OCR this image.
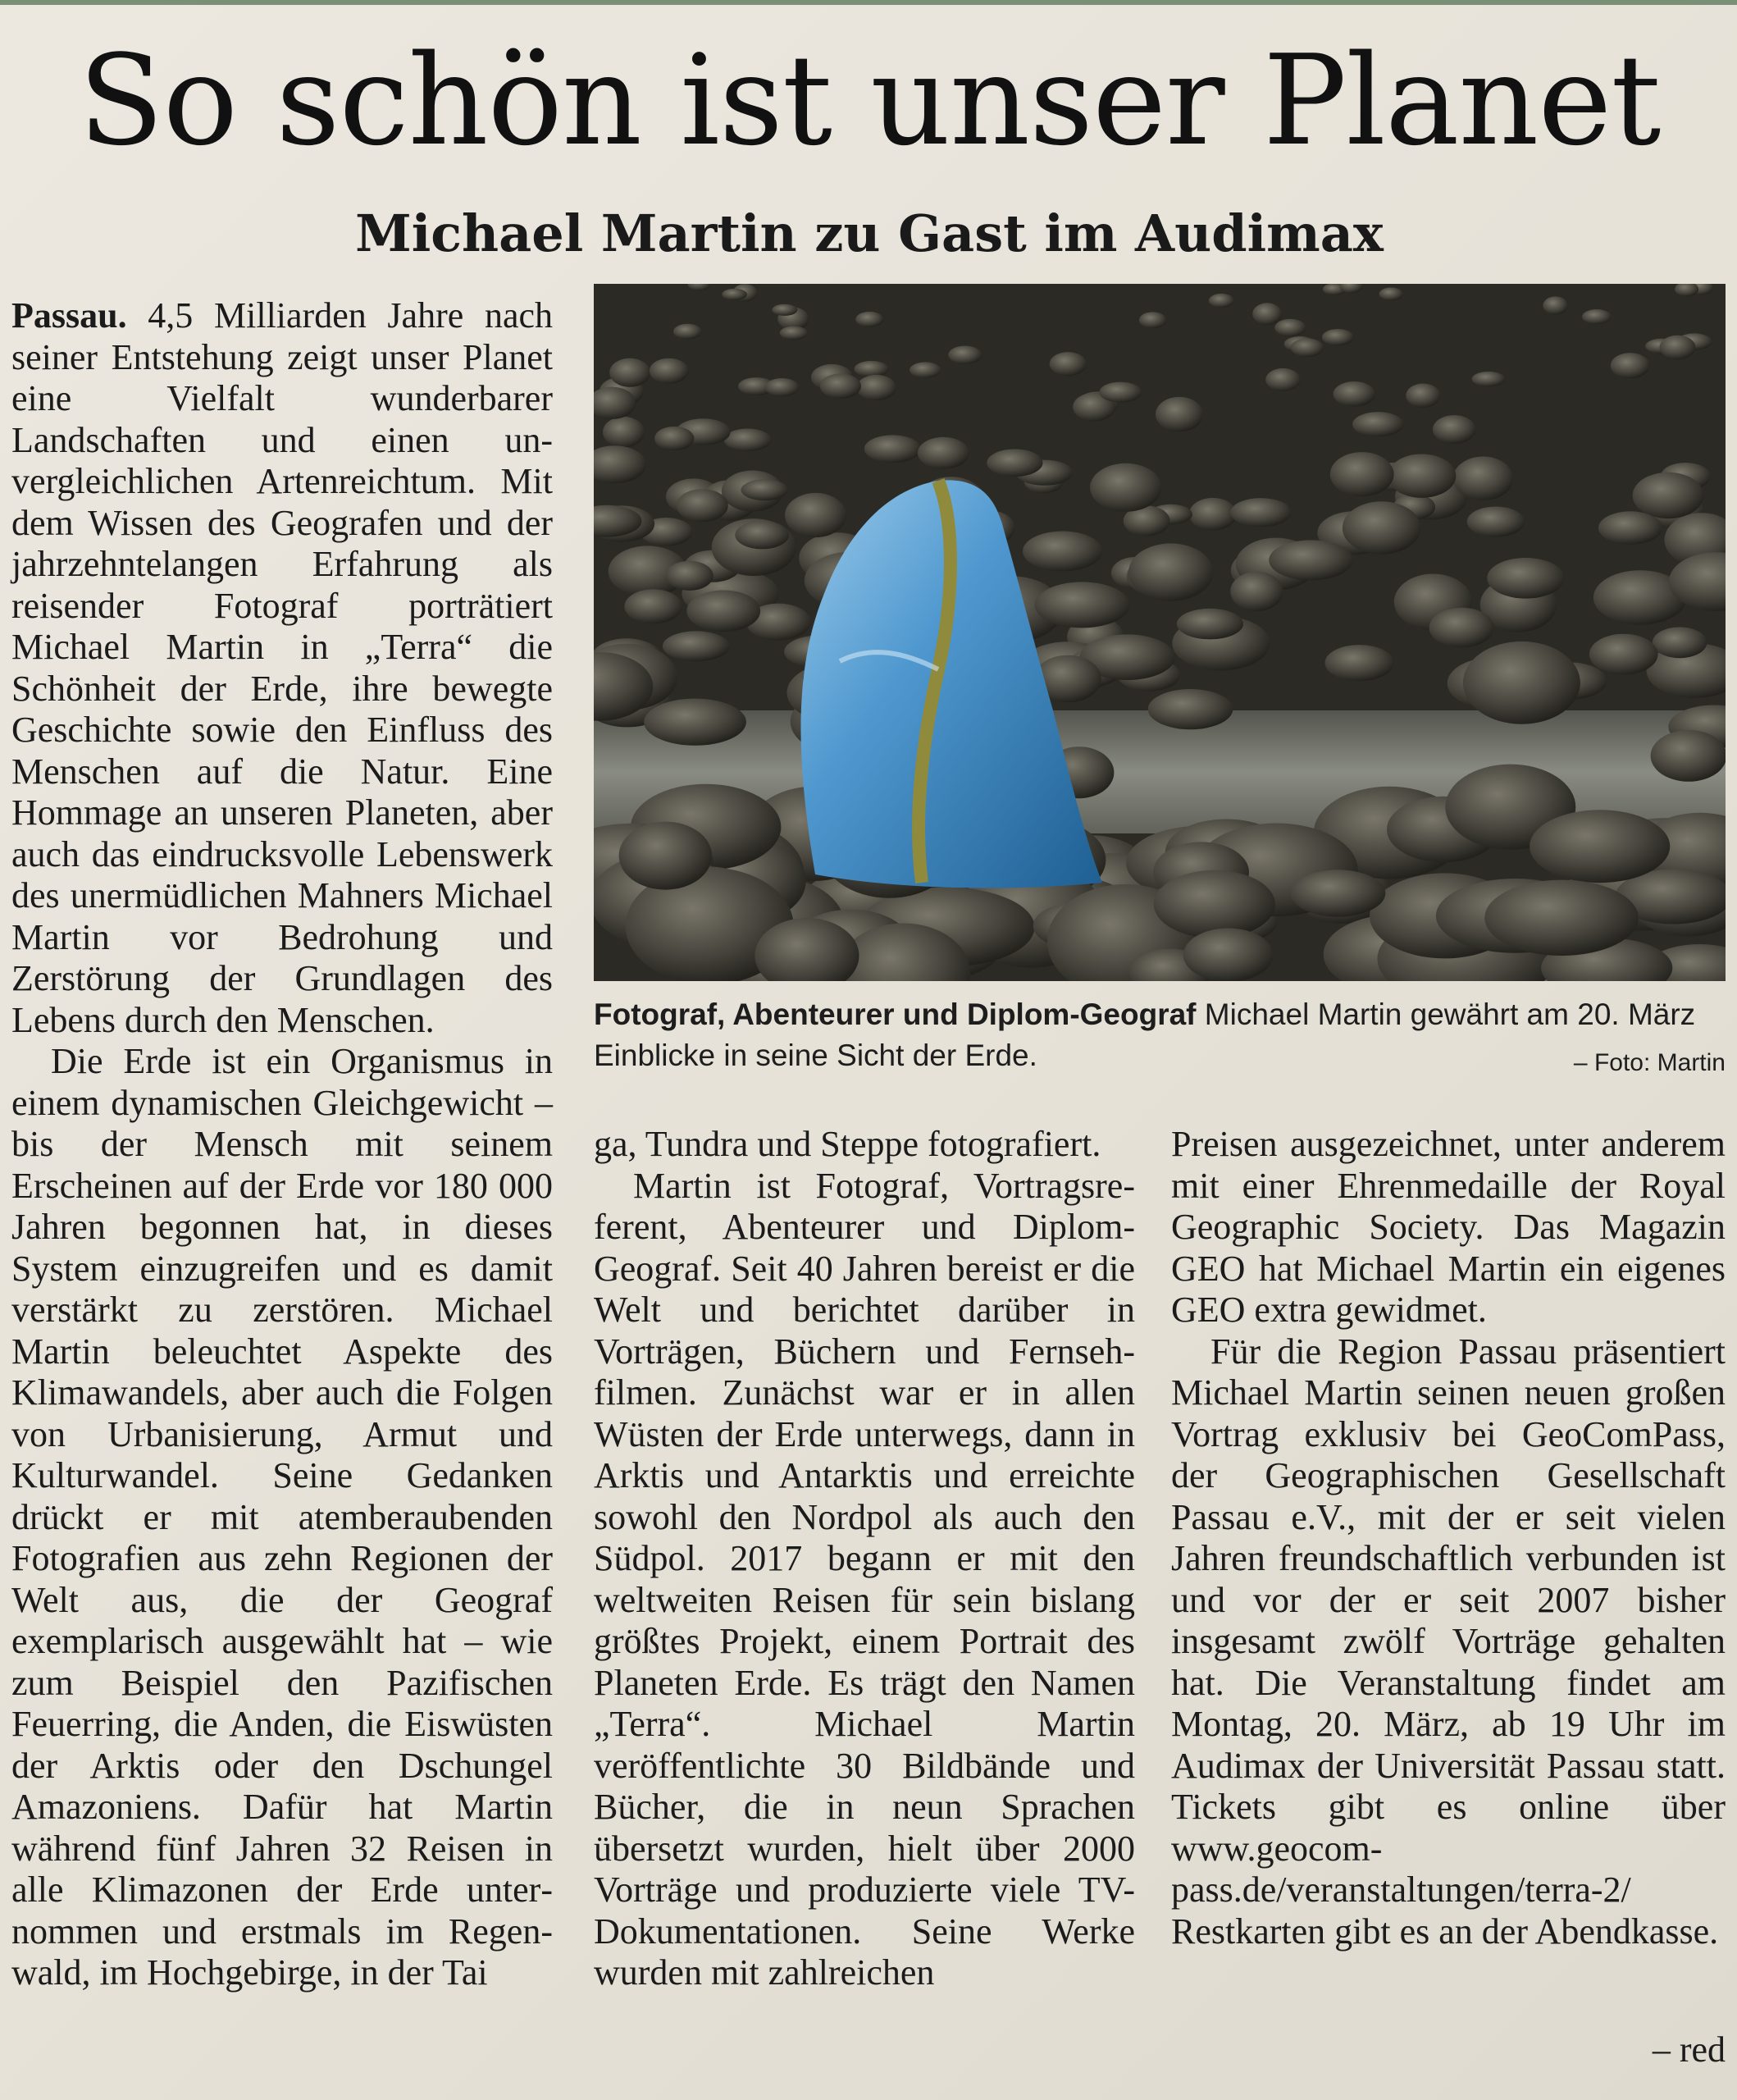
So schön ist unser Planet
Michael Martin zu Gast im Audimax

Passau. 4,5 Milliarden Jahre nach seiner Entstehung zeigt unser Planet eine Vielfalt wunderbarer Landschaften und einen unvergleichlichen Artenreichtum. Mit dem Wissen des Geografen und der jahrzehntelangen Erfahrung als reisender Fotograf porträtiert Michael Martin in „Terra“ die Schönheit der Erde, ihre bewegte Geschichte sowie den Einfluss des Menschen auf die Natur. Eine Hommage an unseren Planeten, aber auch das eindrucksvolle Lebenswerk des unermüdlichen Mahners Michael Martin vor Bedrohung und Zerstörung der Grundlagen des Lebens durch den Menschen.

Die Erde ist ein Organismus in einem dynamischen Gleichgewicht – bis der Mensch mit seinem Erscheinen auf der Erde vor 180 000 Jahren begonnen hat, in dieses System einzugreifen und es damit verstärkt zu zerstören. Michael Martin beleuchtet Aspekte des Klimawandels, aber auch die Folgen von Urbanisierung, Armut und Kulturwandel. Seine Gedanken drückt er mit atemberaubenden Fotografien aus zehn Regionen der Welt aus, die der Geograf exemplarisch ausgewählt hat – wie zum Beispiel den Pazifischen Feuerring, die Anden, die Eiswüsten der Arktis oder den Dschungel Amazoniens. Dafür hat Martin während fünf Jahren 32 Reisen in alle Klimazonen der Erde unternommen und erstmals im Regenwald, im Hochgebirge, in der Tai

Fotograf, Abenteurer und Diplom-Geograf Michael Martin gewährt am 20. März Einblicke in seine Sicht der Erde.	– Foto: Martin

ga, Tundra und Steppe fotografiert.

Martin ist Fotograf, Vortragsreferent, Abenteurer und Diplom-Geograf. Seit 40 Jahren bereist er die Welt und berichtet darüber in Vorträgen, Büchern und Fernsehfilmen. Zunächst war er in allen Wüsten der Erde unterwegs, dann in Arktis und Antarktis und erreichte sowohl den Nordpol als auch den Südpol. 2017 begann er mit den weltweiten Reisen für sein bislang größtes Projekt, einem Portrait des Planeten Erde. Es trägt den Namen „Terra“. Michael Martin veröffentlichte 30 Bildbände und Bücher, die in neun Sprachen übersetzt wurden, hielt über 2000 Vorträge und produzierte viele TV-Dokumentationen. Seine Werke wurden mit zahlreichen

Preisen ausgezeichnet, unter anderem mit einer Ehrenmedaille der Royal Geographic Society. Das Magazin GEO hat Michael Martin ein eigenes GEO extra gewidmet.

Für die Region Passau präsentiert Michael Martin seinen neuen großen Vortrag exklusiv bei GeoComPass, der Geographischen Gesellschaft Passau e.V., mit der er seit vielen Jahren freundschaftlich verbunden ist und vor der er seit 2007 bisher insgesamt zwölf Vorträge gehalten hat. Die Veranstaltung findet am Montag, 20. März, ab 19 Uhr im Audimax der Universität Passau statt. Tickets gibt es online über www.geocompass.de/veranstaltungen/terra-2/ Restkarten gibt es an der Abendkasse.

– red
